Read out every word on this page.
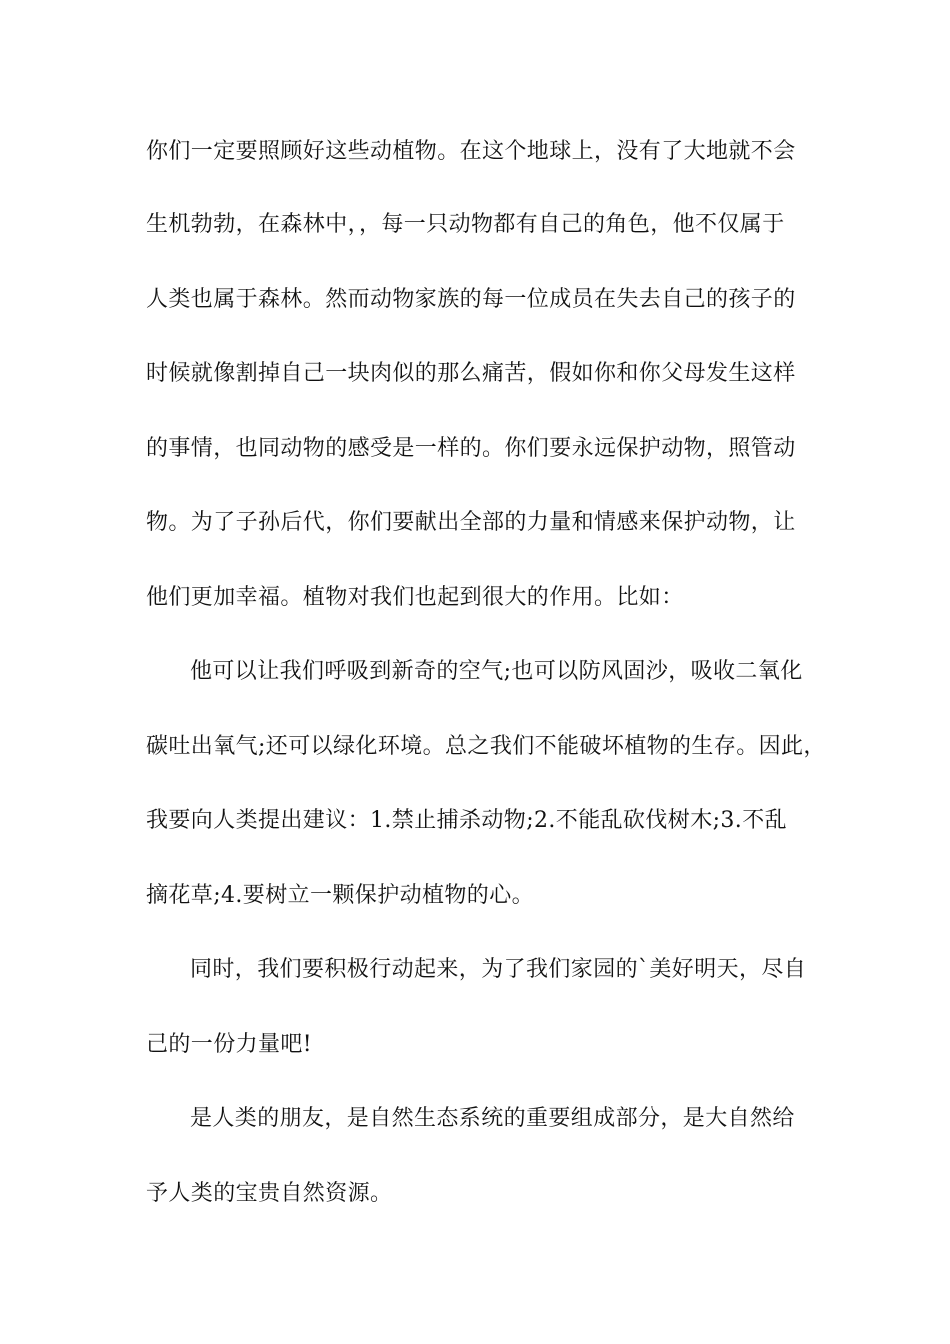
你们一定要照顾好这些动植物。在这个地球上，没有了大地就不会
生机勃勃，在森林中，，每一只动物都有自己的角色，他不仅属于
人类也属于森林。然而动物家族的每一位成员在失去自己的孩子的
时候就像割掉自己一块肉似的那么痛苦，假如你和你父母发生这样
的事情，也同动物的感受是一样的。你们要永远保护动物，照管动
物。为了子孙后代，你们要献出全部的力量和情感来保护动物，让
他们更加幸福。植物对我们也起到很大的作用。比如：
他可以让我们呼吸到新奇的空气;也可以防风固沙，吸收二氧化
碳吐出氧气;还可以绿化环境。总之我们不能破坏植物的生存。因此，
我要向人类提出建议：1.禁止捕杀动物;2.不能乱砍伐树木;3.不乱
摘花草;4.要树立一颗保护动植物的心。
同时，我们要积极行动起来，为了我们家园的`美好明天，尽自
己的一份力量吧!
是人类的朋友，是自然生态系统的重要组成部分，是大自然给
予人类的宝贵自然资源。
